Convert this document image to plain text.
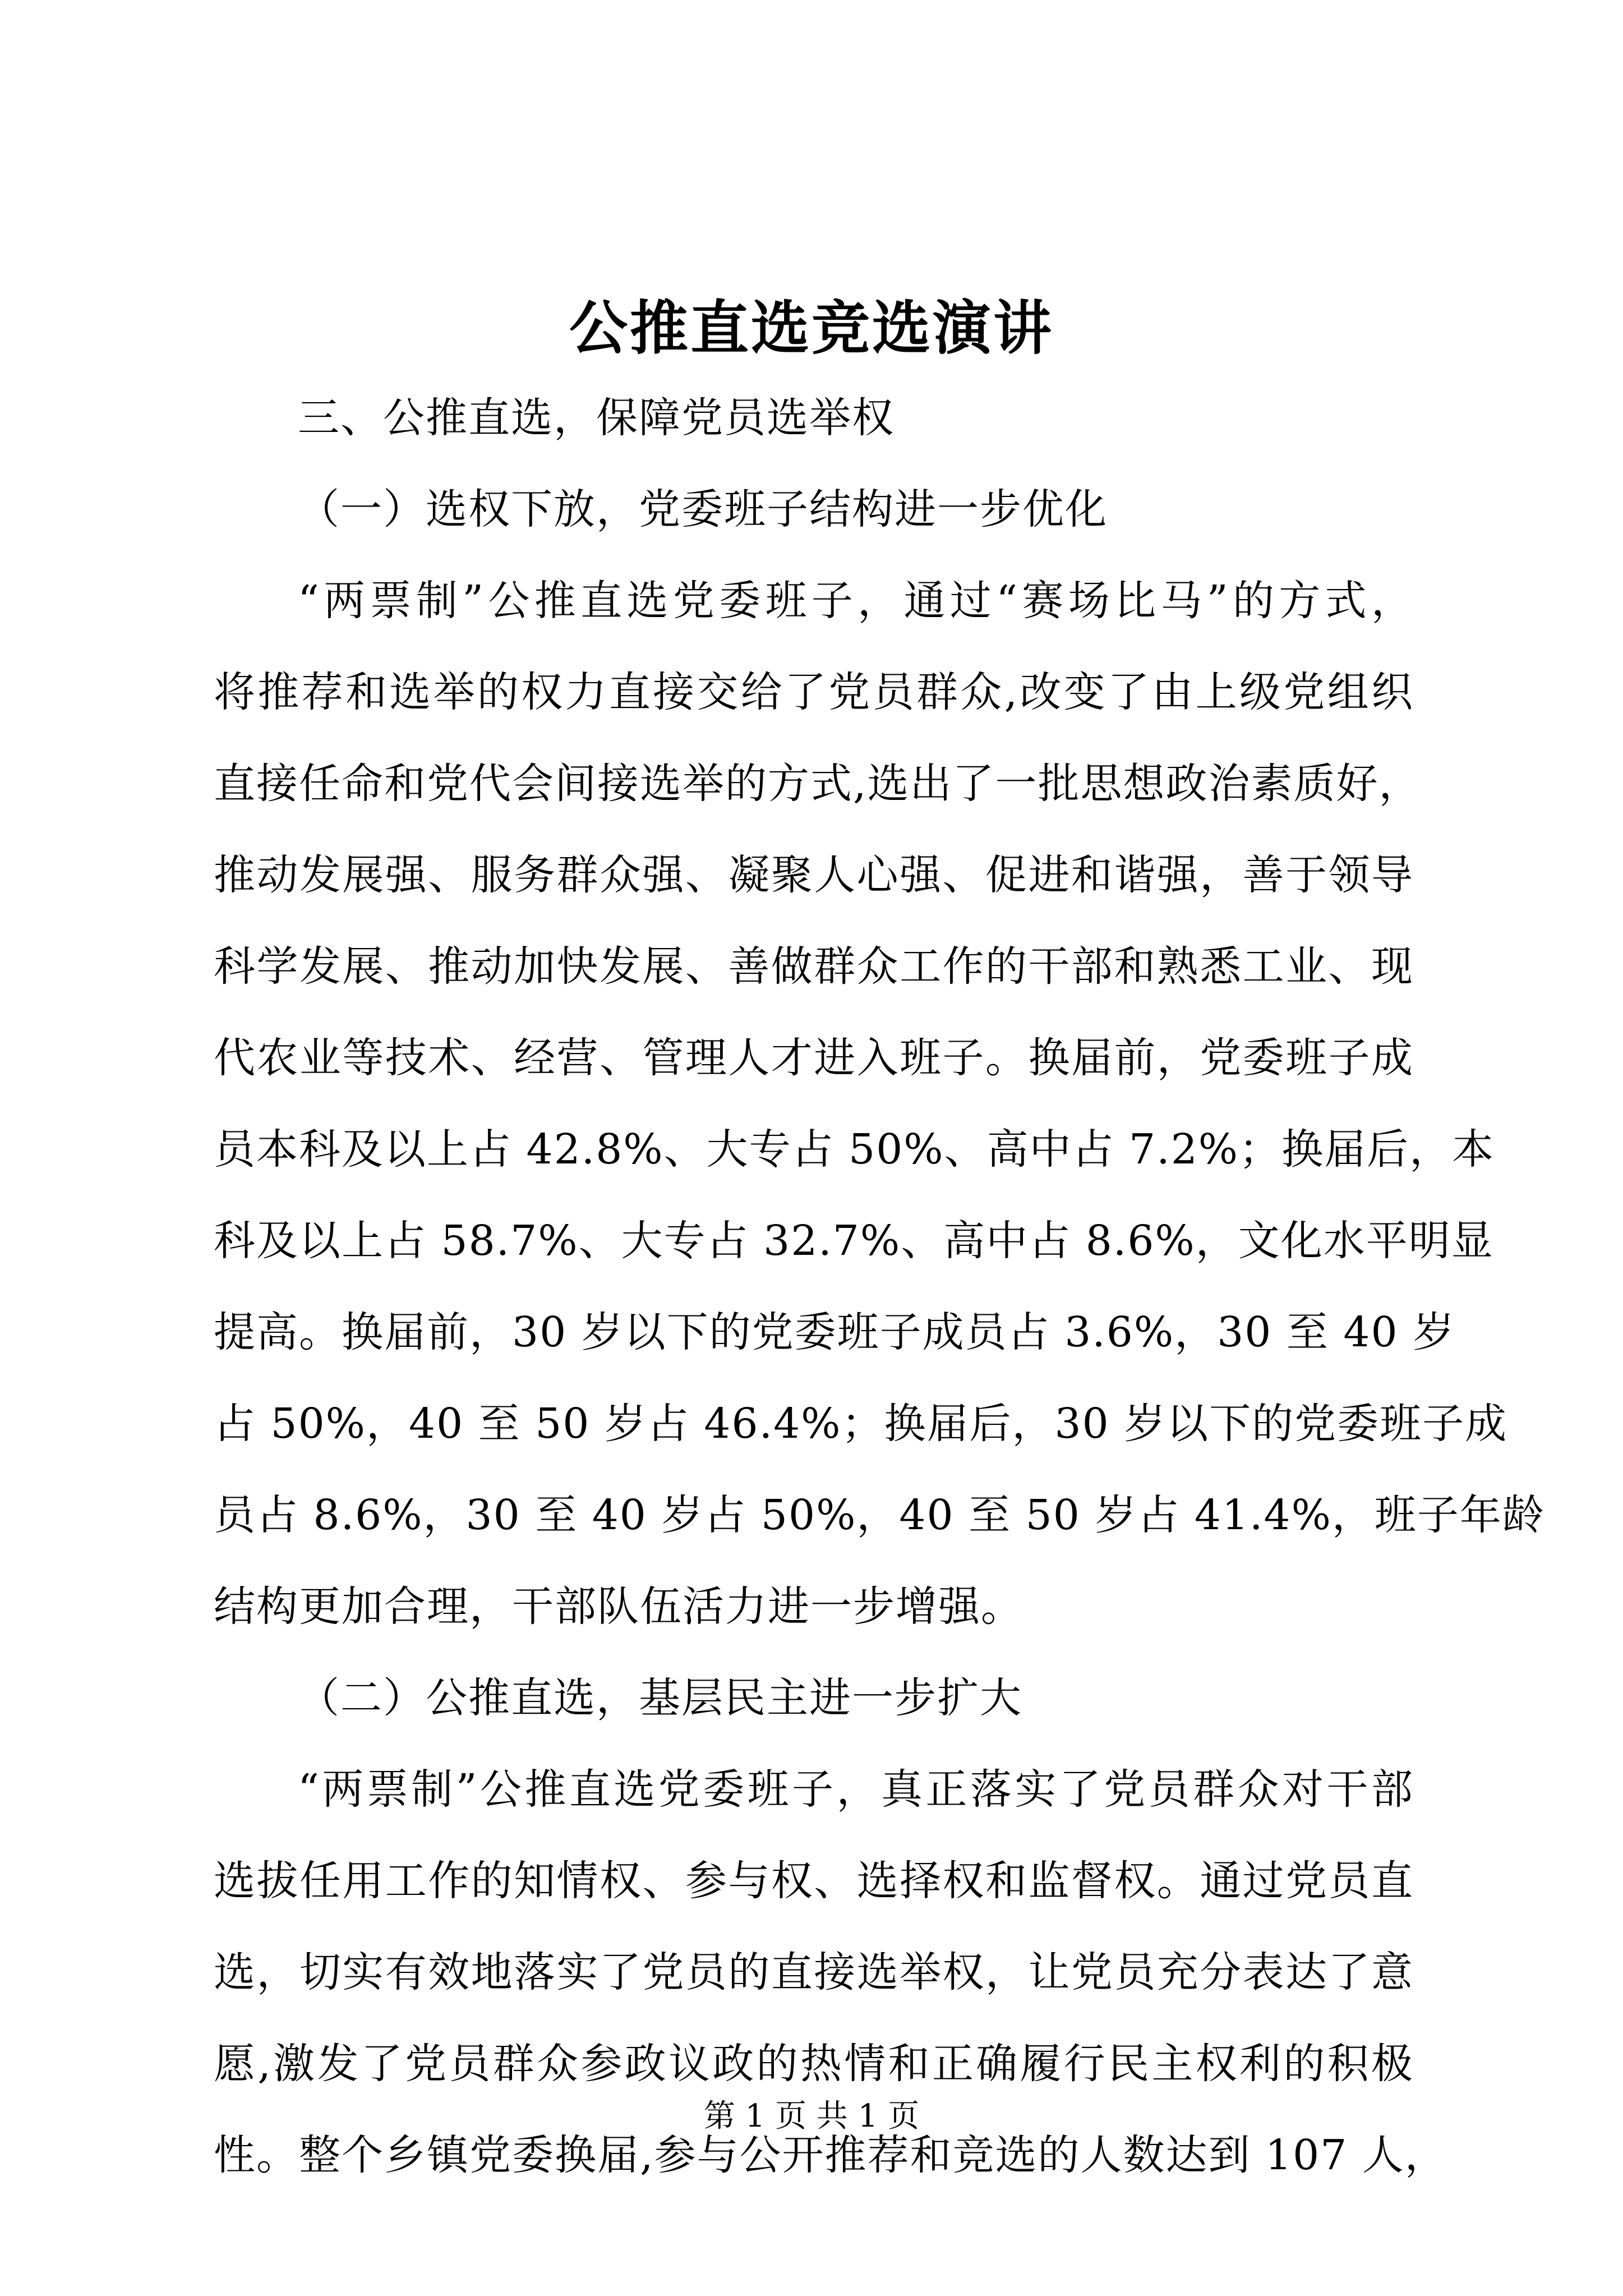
公推直选竞选演讲
三、公推直选，保障党员选举权
（一）选权下放，党委班子结构进一步优化
“两票制”公推直选党委班子，通过“赛场比马”的方式，
将推荐和选举的权力直接交给了党员群众,改变了由上级党组织
直接任命和党代会间接选举的方式,选出了一批思想政治素质好，
推动发展强、服务群众强、凝聚人心强、促进和谐强，善于领导
科学发展、推动加快发展、善做群众工作的干部和熟悉工业、现
代农业等技术、经营、管理人才进入班子。换届前，党委班子成
员本科及以上占 42.8%、大专占 50%、高中占 7.2%；换届后，本
科及以上占 58.7%、大专占 32.7%、高中占 8.6%，文化水平明显
提高。换届前，30 岁以下的党委班子成员占 3.6%，30 至 40 岁
占 50%，40 至 50 岁占 46.4%；换届后，30 岁以下的党委班子成
员占 8.6%，30 至 40 岁占 50%，40 至 50 岁占 41.4%，班子年龄
结构更加合理，干部队伍活力进一步增强。
（二）公推直选，基层民主进一步扩大
“两票制”公推直选党委班子，真正落实了党员群众对干部
选拔任用工作的知情权、参与权、选择权和监督权。通过党员直
选，切实有效地落实了党员的直接选举权，让党员充分表达了意
愿,激发了党员群众参政议政的热情和正确履行民主权利的积极
性。整个乡镇党委换届,参与公开推荐和竞选的人数达到 107 人，
第 1 页 共 1 页
